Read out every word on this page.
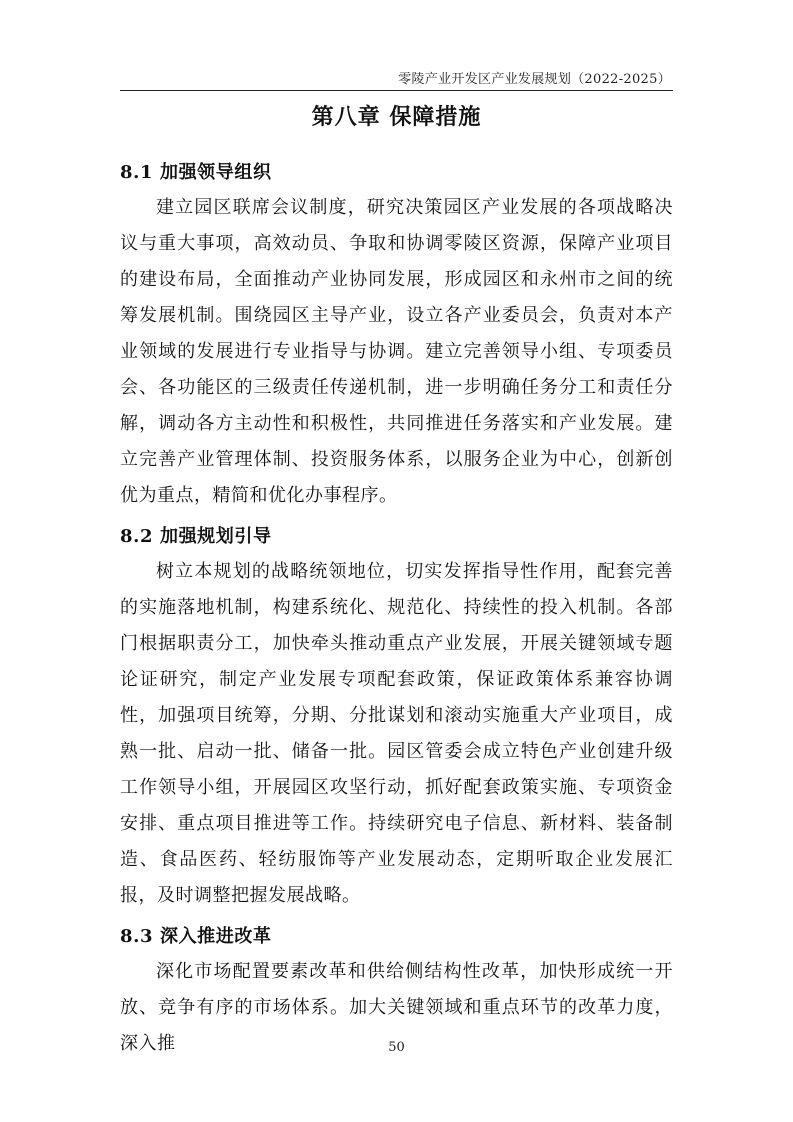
零陵产业开发区产业发展规划（2022-2025）
第八章 保障措施
8.1 加强领导组织

建立园区联席会议制度，研究决策园区产业发展的各项战略决议与重大事项，高效动员、争取和协调零陵区资源，保障产业项目的建设布局，全面推动产业协同发展，形成园区和永州市之间的统筹发展机制。围绕园区主导产业，设立各产业委员会，负责对本产业领域的发展进行专业指导与协调。建立完善领导小组、专项委员会、各功能区的三级责任传递机制，进一步明确任务分工和责任分解，调动各方主动性和积极性，共同推进任务落实和产业发展。建立完善产业管理体制、投资服务体系，以服务企业为中心，创新创优为重点，精简和优化办事程序。

8.2 加强规划引导

树立本规划的战略统领地位，切实发挥指导性作用，配套完善的实施落地机制，构建系统化、规范化、持续性的投入机制。各部门根据职责分工，加快牵头推动重点产业发展，开展关键领域专题论证研究，制定产业发展专项配套政策，保证政策体系兼容协调性，加强项目统筹，分期、分批谋划和滚动实施重大产业项目，成熟一批、启动一批、储备一批。园区管委会成立特色产业创建升级工作领导小组，开展园区攻坚行动，抓好配套政策实施、专项资金安排、重点项目推进等工作。持续研究电子信息、新材料、装备制造、食品医药、轻纺服饰等产业发展动态，定期听取企业发展汇报，及时调整把握发展战略。

8.3 深入推进改革

深化市场配置要素改革和供给侧结构性改革，加快形成统一开放、竞争有序的市场体系。加大关键领域和重点环节的改革力度，深入推	50
